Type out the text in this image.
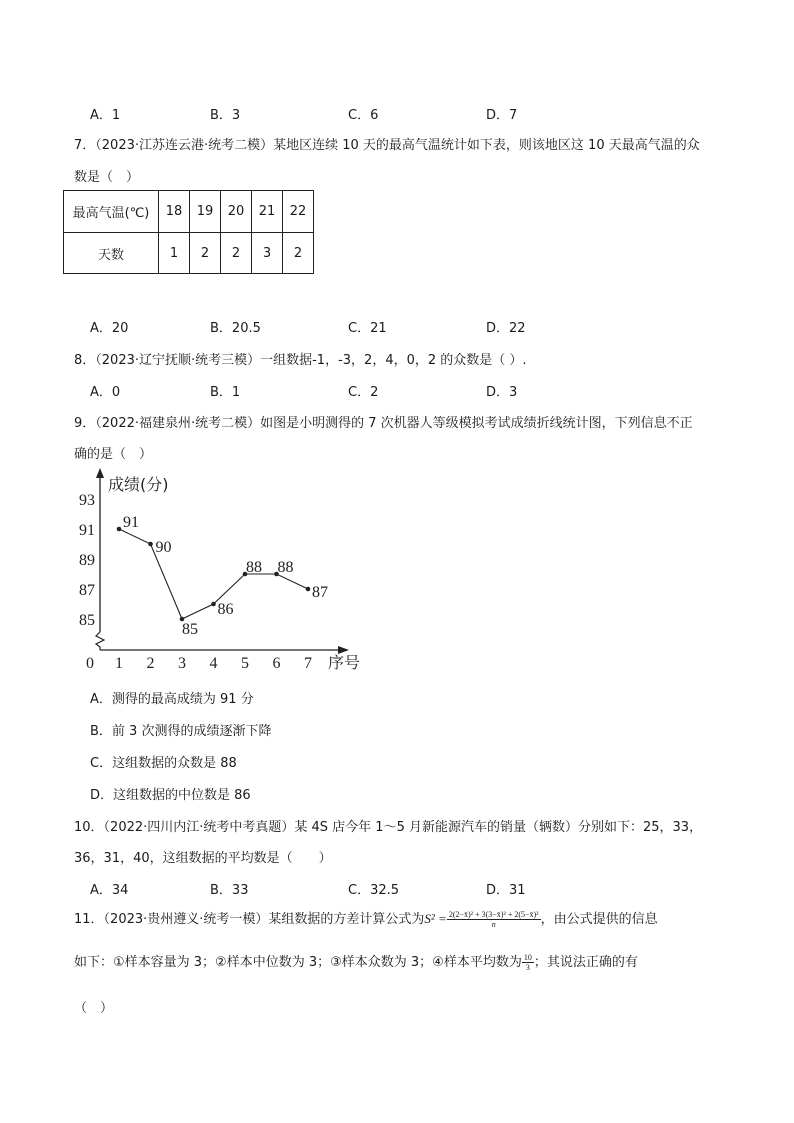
A．1	B．3	C．6	D．7
7．（2023·江苏连云港·统考二模）某地区连续 10 天的最高气温统计如下表，则该地区这 10 天最高气温的众
数是（　）
最高气温(℃)	18	19	20	21	22
天数	1	2	2	3	2
A．20	B．20.5	C．21	D．22
8．（2023·辽宁抚顺·统考三模）一组数据-1，-3，2，4，0，2 的众数是（ ）.
A．0	B．1	C．2	D．3
9．（2022·福建泉州·统考二模）如图是小明测得的 7 次机器人等级模拟考试成绩折线统计图，下列信息不正
确的是（　）
成绩(分)
序号
0
85
87
89
91
93
1 2 3 4 5 6 7
91
90
85
86
88 88
87
A．测得的最高成绩为 91 分
B．前 3 次测得的成绩逐渐下降
C．这组数据的众数是 88
D．这组数据的中位数是 86
10．（2022·四川内江·统考中考真题）某 4S 店今年 1～5 月新能源汽车的销量（辆数）分别如下：25，33，
36，31，40，这组数据的平均数是（　　）
A．34	B．33	C．32.5	D．31
11．（2023·贵州遵义·统考一模）某组数据的方差计算公式为$S^2 = \frac{\text{2(2−x̄)² + 3(3−x̄)² + 2(5−x̄)²}}{n}$ ，由公式提供的信息
如下：①样本容量为 3；②样本中位数为 3；③样本众数为 3；④样本平均数为 $\frac{10}{3}$ ；其说法正确的有
（　）
